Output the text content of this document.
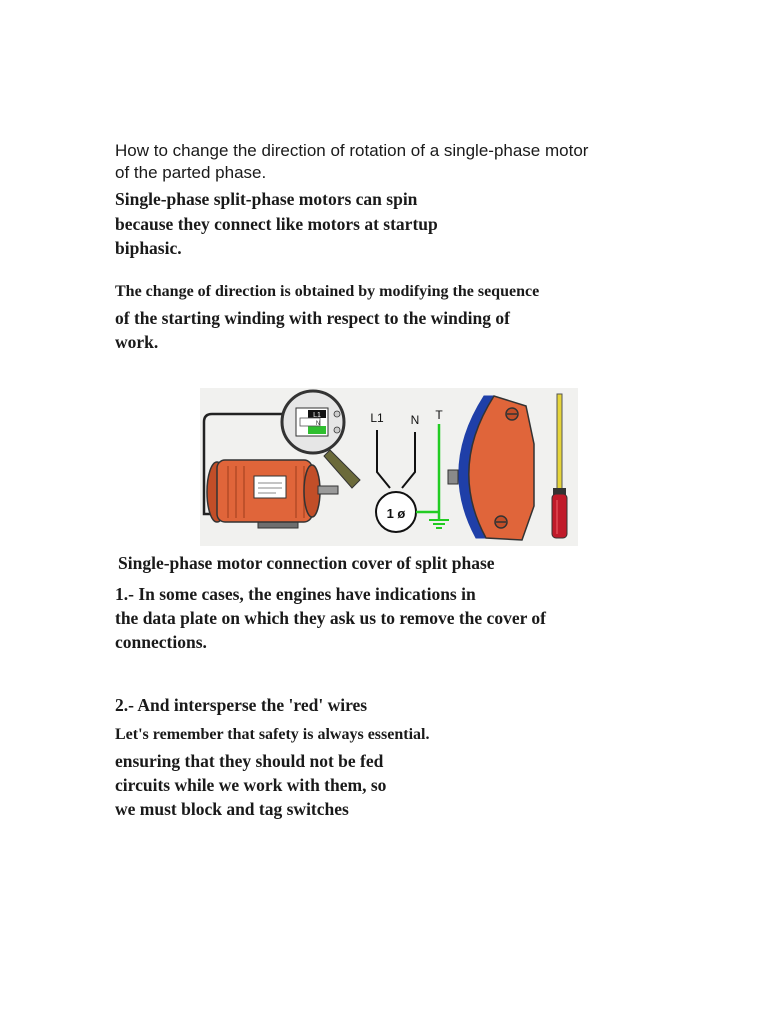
How to change the direction of rotation of a single-phase motor
of the parted phase.
Single-phase split-phase motors can spin
because they connect like motors at startup
biphasic.
The change of direction is obtained by modifying the sequence
of the starting winding with respect to the winding of
work.
L1
N	L1 N T
1 ø
Single-phase motor connection cover of split phase
1.- In some cases, the engines have indications in
the data plate on which they ask us to remove the cover of
connections.
2.- And intersperse the 'red' wires
Let's remember that safety is always essential.
ensuring that they should not be fed
circuits while we work with them, so
we must block and tag switches
